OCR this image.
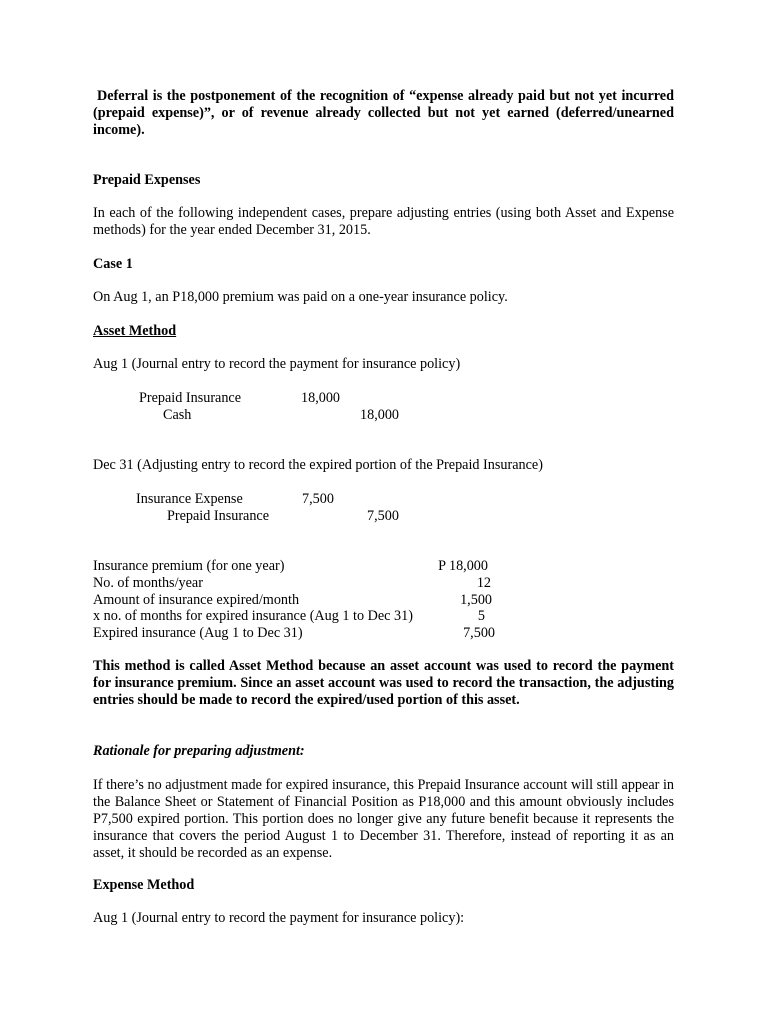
Deferral is the postponement of the recognition of “expense already paid but not yet incurred (prepaid expense)”, or of revenue already collected but not yet earned (deferred/unearned income).

Prepaid Expenses

In each of the following independent cases, prepare adjusting entries (using both Asset and Expense methods) for the year ended December 31, 2015.

Case 1

On Aug 1, an P18,000 premium was paid on a one-year insurance policy.

Asset Method

Aug 1 (Journal entry to record the payment for insurance policy)

Prepaid Insurance	18,000
Cash	18,000

Dec 31 (Adjusting entry to record the expired portion of the Prepaid Insurance)

Insurance Expense	7,500
Prepaid Insurance	7,500
Insurance premium (for one year)	P 18,000
No. of months/year	12
Amount of insurance expired/month	1,500
x no. of months for expired insurance (Aug 1 to Dec 31)	5
Expired insurance (Aug 1 to Dec 31)	7,500

This method is called Asset Method because an asset account was used to record the payment for insurance premium. Since an asset account was used to record the transaction, the adjusting entries should be made to record the expired/used portion of this asset.

Rationale for preparing adjustment:

If there’s no adjustment made for expired insurance, this Prepaid Insurance account will still appear in the Balance Sheet or Statement of Financial Position as P18,000 and this amount obviously includes P7,500 expired portion. This portion does no longer give any future benefit because it represents the insurance that covers the period August 1 to December 31. Therefore, instead of reporting it as an asset, it should be recorded as an expense.

Expense Method

Aug 1 (Journal entry to record the payment for insurance policy):
